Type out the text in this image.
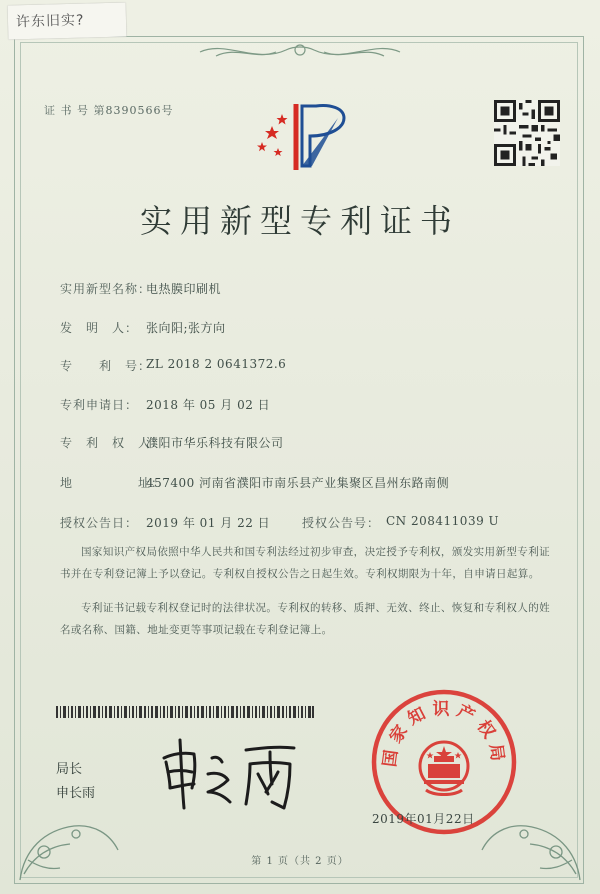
许东旧实?
证 书 号 第8390566号
实用新型专利证书
实用新型名称：
电热膜印刷机
发　明　人： 张向阳;张方向
专　　利　号：
ZL 2018 2 0641372.6
专利申请日： 2018 年 05 月 02 日
专　利　权　人：
濮阳市华乐科技有限公司
地　　　　　址：
457400 河南省濮阳市南乐县产业集聚区昌州东路南侧
授权公告日： 2019 年 01 月 22 日	授权公告号： CN 208411039 U
国家知识产权局依照中华人民共和国专利法经过初步审查，决定授予专利权，颁发实用新型专利证书并在专利登记簿上予以登记。专利权自授权公告之日起生效。专利权期限为十年，自申请日起算。
专利证书记载专利权登记时的法律状况。专利权的转移、质押、无效、终止、恢复和专利权人的姓名或名称、国籍、地址变更等事项记载在专利登记簿上。
局长
申长雨
国家知识产权局
2019年01月22日
第 1 页（共 2 页）
